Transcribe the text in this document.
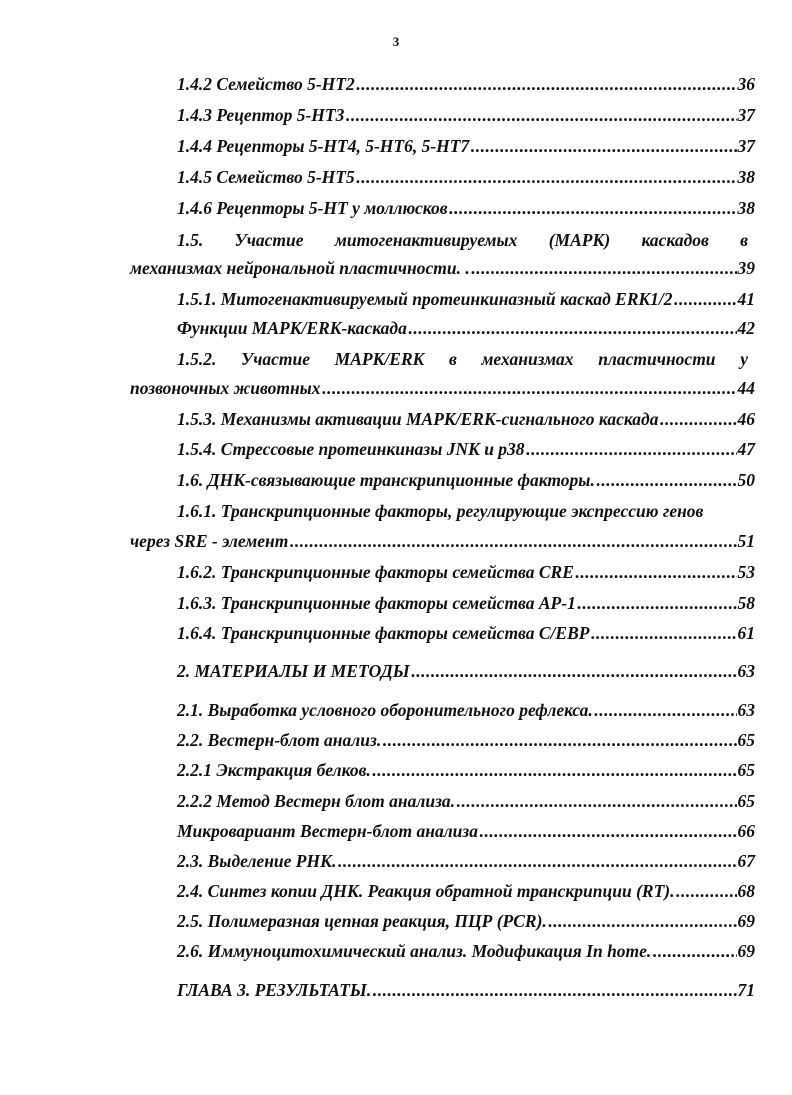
3
1.4.2 Семейство 5-НТ2 .....	36
1.4.3 Рецептор 5-НТ3 .....	37
1.4.4 Рецепторы 5-НТ4, 5-НТ6, 5-НТ7 .....	37
1.4.5 Семейство 5-НТ5 .....	38
1.4.6 Рецепторы 5-НТ у моллюсков .....	38
1.5. Участие митогенактивируемых (МАРК) каскадов в
механизмах нейрональной пластичности. . .....	39
1.5.1. Митогенактивируемый протеинкиназный каскад ERK1/2 .....	41
Функции МАРК/ERK-каскада .....	42
1.5.2. Участие МАРК/ERK в механизмах пластичности у
позвоночных животных .....	44
1.5.3. Механизмы активации МАРК/ERK-сигнального каскада .....	46
1.5.4. Стрессовые протеинкиназы JNK и р38 .....	47
1.6. ДНК-связывающие транскрипционные факторы. .....	50
1.6.1. Транскрипционные факторы, регулирующие экспрессию генов
через SRE - элемент .....	51
1.6.2. Транскрипционные факторы семейства CRE .....	53
1.6.3. Транскрипционные факторы семейства АР-1 .....	58
1.6.4. Транскрипционные факторы семейства С/ЕВР .....	61
2. МАТЕРИАЛЫ И МЕТОДЫ .....	63
2.1. Выработка условного оборонительного рефлекса. .....	63
2.2. Вестерн-блот анализ. .....	65
2.2.1 Экстракция белков. .....	65
2.2.2 Метод Вестерн блот анализа. .....	65
Микровариант Вестерн-блот анализа .....	66
2.3. Выделение РНК. .....	67
2.4. Синтез копии ДНК. Реакция обратной транскрипции (RT). .....	68
2.5. Полимеразная цепная реакция, ПЦР (PCR). .....	69
2.6. Иммуноцитохимический анализ. Модификация In home. .....	69
ГЛАВА 3. РЕЗУЛЬТАТЫ. .....	71
